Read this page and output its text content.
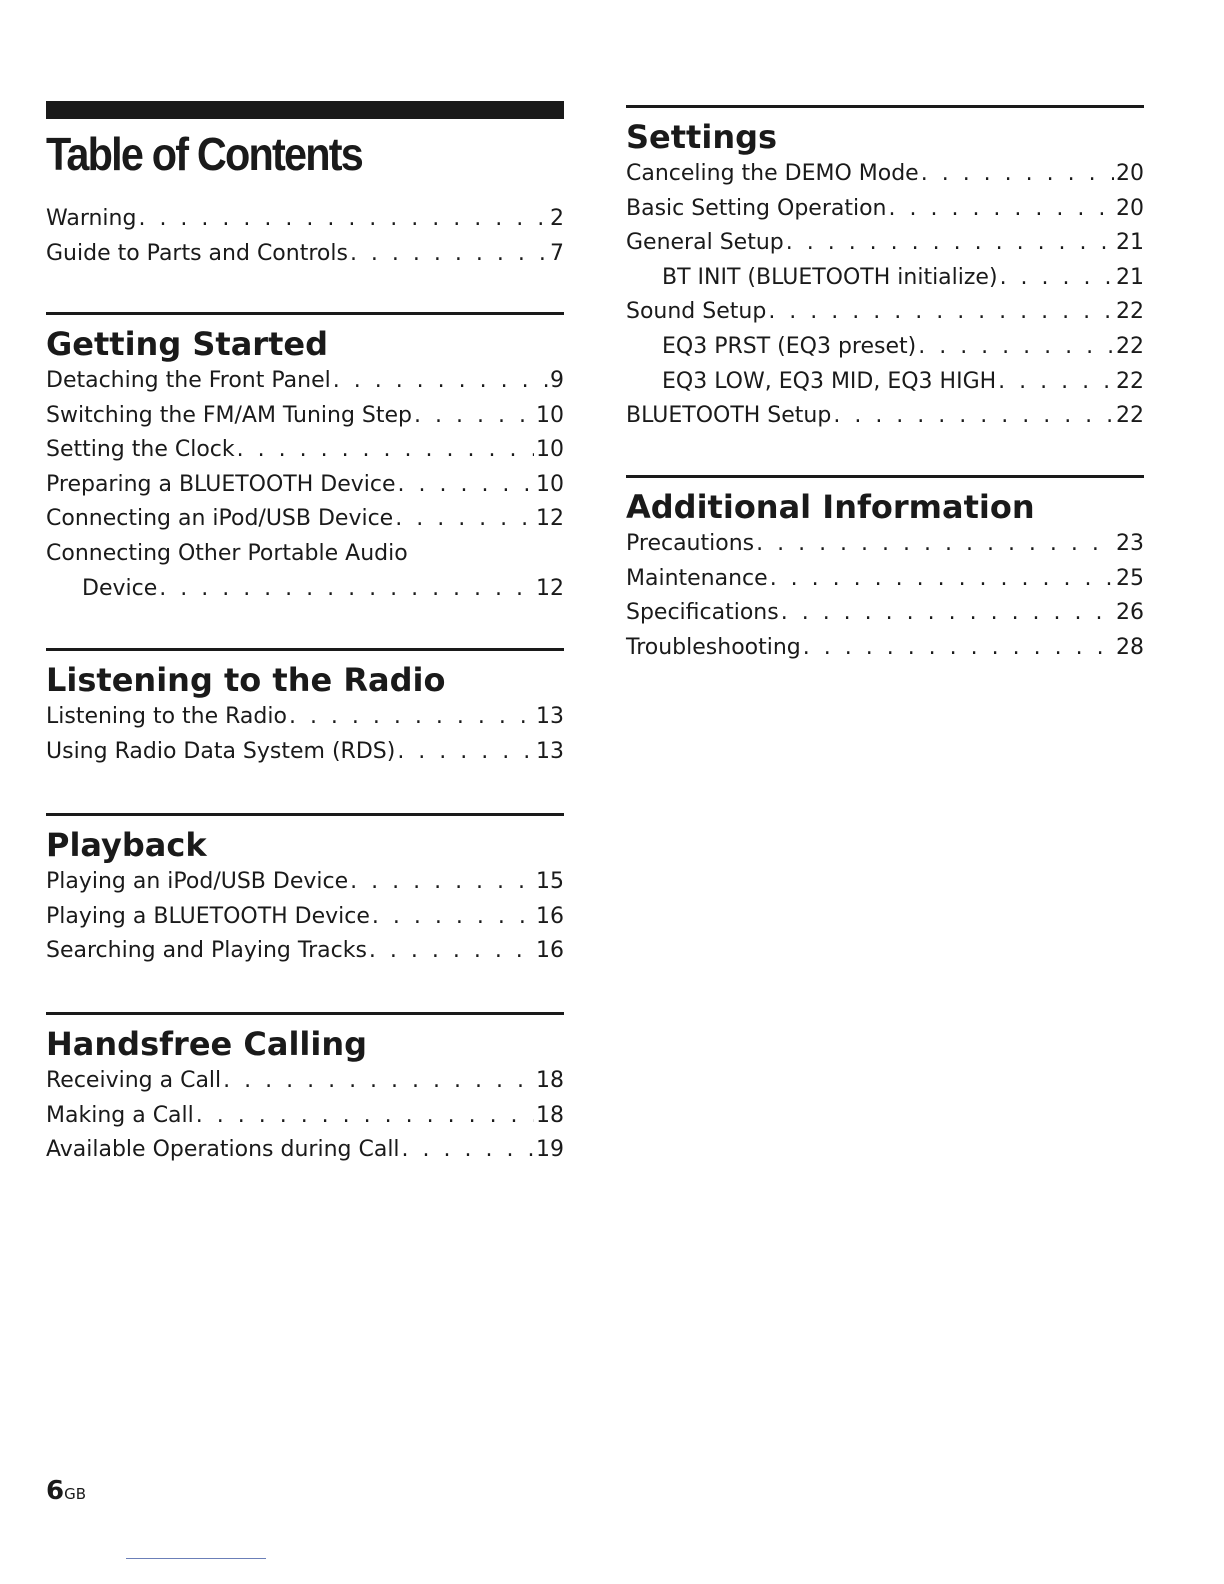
Table of Contents
Warning . . .	2
Guide to Parts and Controls . . .	7
Getting Started
Detaching the Front Panel . . .	9
Switching the FM/AM Tuning Step . . .	10
Setting the Clock . . .	10
Preparing a BLUETOOTH Device . . .	10
Connecting an iPod/USB Device . . .	12
Connecting Other Portable Audio
Device . . .	12
Listening to the Radio
Listening to the Radio . . .	13
Using Radio Data System (RDS) . . .	13
Playback
Playing an iPod/USB Device . . .	15
Playing a BLUETOOTH Device . . .	16
Searching and Playing Tracks . . .	16
Handsfree Calling
Receiving a Call . . .	18
Making a Call . . .	18
Available Operations during Call . . .	19
Settings
Canceling the DEMO Mode . . .	20
Basic Setting Operation . . .	20
General Setup . . .	21
BT INIT (BLUETOOTH initialize) . . .	21
Sound Setup . . .	22
EQ3 PRST (EQ3 preset) . . .	22
EQ3 LOW, EQ3 MID, EQ3 HIGH . . .	22
BLUETOOTH Setup . . .	22
Additional Information
Precautions . . .	23
Maintenance . . .	25
Specifications . . .	26
Troubleshooting . . .	28
6GB
